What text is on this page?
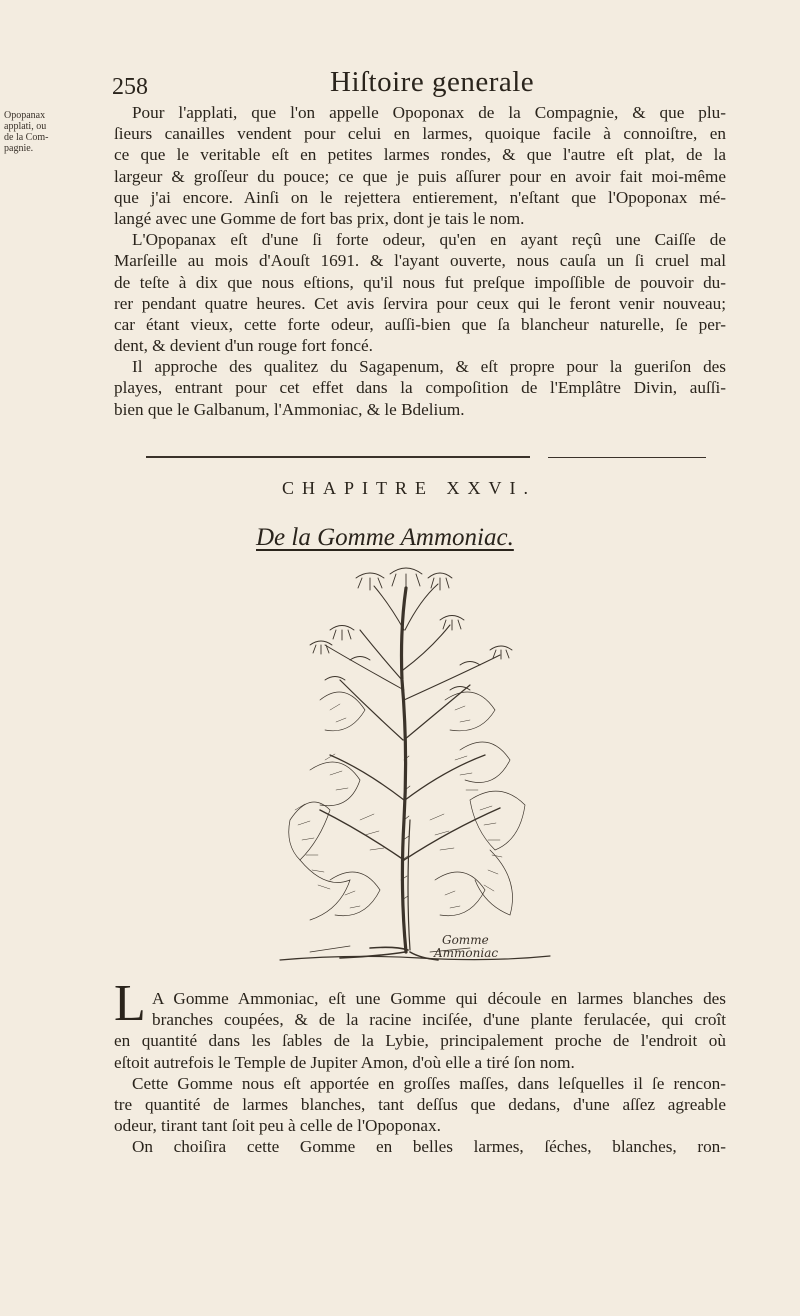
258	Hiſtoire generale
Opopanax
applati, ou
de la Com-
pagnie.
Pour l'applati, que l'on appelle Opoponax de la Compagnie, & que plu-
ſieurs canailles vendent pour celui en larmes, quoique facile à connoiſtre, en
ce que le veritable eſt en petites larmes rondes, & que l'autre eſt plat, de la
largeur & groſſeur du pouce; ce que je puis aſſurer pour en avoir fait moi-même
que j'ai encore. Ainſi on le rejettera entierement, n'eſtant que l'Opoponax mé-
langé avec une Gomme de fort bas prix, dont je tais le nom.
L'Opopanax eſt d'une ſi forte odeur, qu'en en ayant reçû une Caiſſe de
Marſeille au mois d'Aouſt 1691. & l'ayant ouverte, nous cauſa un ſi cruel mal
de teſte à dix que nous eſtions, qu'il nous fut preſque impoſſible de pouvoir du-
rer pendant quatre heures. Cet avis ſervira pour ceux qui le feront venir nouveau;
car étant vieux, cette forte odeur, auſſi-bien que ſa blancheur naturelle, ſe per-
dent, & devient d'un rouge fort foncé.
Il approche des qualitez du Sagapenum, & eſt propre pour la gueriſon des
playes, entrant pour cet effet dans la compoſition de l'Emplâtre Divin, auſſi-
bien que le Galbanum, l'Ammoniac, & le Bdelium.
CHAPITRE XXVI.
De la Gomme Ammoniac.
Gomme
Ammoniac
L A Gomme Ammoniac, eſt une Gomme qui découle en larmes blanches des
branches coupées, & de la racine inciſée, d'une plante ferulacée, qui croît
en quantité dans les ſables de la Lybie, principalement proche de l'endroit où
eſtoit autrefois le Temple de Jupiter Amon, d'où elle a tiré ſon nom.
Cette Gomme nous eſt apportée en groſſes maſſes, dans leſquelles il ſe rencon-
tre quantité de larmes blanches, tant deſſus que dedans, d'une aſſez agreable
odeur, tirant tant ſoit peu à celle de l'Opoponax.
On choiſira cette Gomme en belles larmes, ſéches, blanches, ron-
